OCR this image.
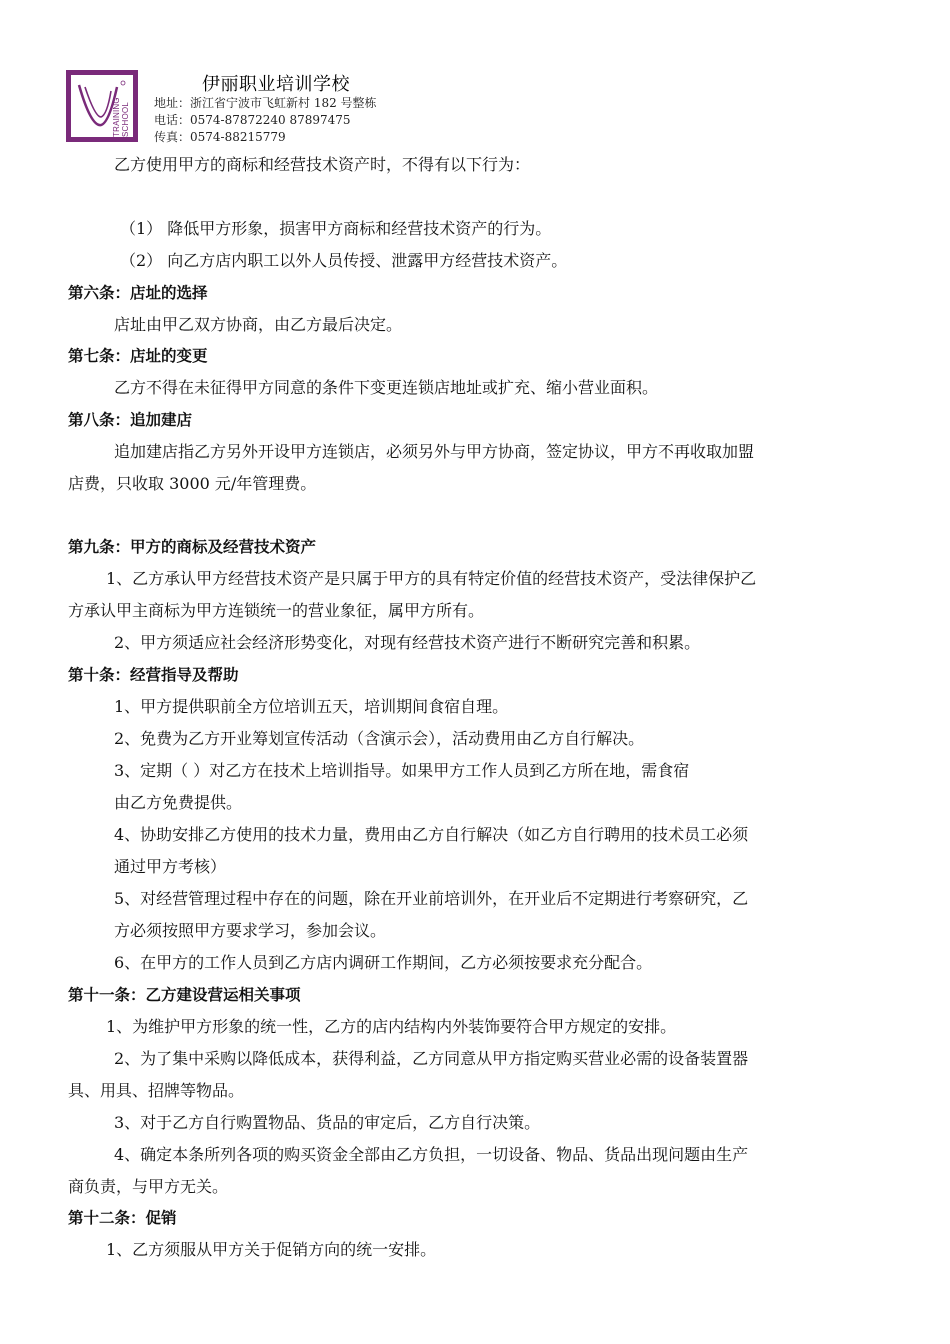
TRAINING SCHOOL
伊丽职业培训学校
地址：浙江省宁波市飞虹新村 182 号整栋
电话：0574-87872240 87897475
传真：0574-88215779
乙方使用甲方的商标和经营技术资产时，不得有以下行为：
（1） 降低甲方形象，损害甲方商标和经营技术资产的行为。
（2） 向乙方店内职工以外人员传授、泄露甲方经营技术资产。
第六条：店址的选择
店址由甲乙双方协商，由乙方最后决定。
第七条：店址的变更
乙方不得在未征得甲方同意的条件下变更连锁店地址或扩充、缩小营业面积。
第八条：追加建店
追加建店指乙方另外开设甲方连锁店，必须另外与甲方协商，签定协议，甲方不再收取加盟
店费，只收取 3000 元/年管理费。
第九条：甲方的商标及经营技术资产
1、乙方承认甲方经营技术资产是只属于甲方的具有特定价值的经营技术资产，受法律保护乙
方承认甲主商标为甲方连锁统一的营业象征，属甲方所有。
2、甲方须适应社会经济形势变化，对现有经营技术资产进行不断研究完善和积累。
第十条：经营指导及帮助
1、甲方提供职前全方位培训五天，培训期间食宿自理。
2、免费为乙方开业筹划宣传活动（含演示会），活动费用由乙方自行解决。
3、定期（ ）对乙方在技术上培训指导。如果甲方工作人员到乙方所在地，需食宿
由乙方免费提供。
4、协助安排乙方使用的技术力量，费用由乙方自行解决（如乙方自行聘用的技术员工必须
通过甲方考核）
5、对经营管理过程中存在的问题，除在开业前培训外，在开业后不定期进行考察研究，乙
方必须按照甲方要求学习，参加会议。
6、在甲方的工作人员到乙方店内调研工作期间，乙方必须按要求充分配合。
第十一条：乙方建设营运相关事项
1、为维护甲方形象的统一性，乙方的店内结构内外装饰要符合甲方规定的安排。
2、为了集中采购以降低成本，获得利益，乙方同意从甲方指定购买营业必需的设备装置器
具、用具、招牌等物品。
3、对于乙方自行购置物品、货品的审定后，乙方自行决策。
4、确定本条所列各项的购买资金全部由乙方负担，一切设备、物品、货品出现问题由生产
商负责，与甲方无关。
第十二条：促销
1、乙方须服从甲方关于促销方向的统一安排。
